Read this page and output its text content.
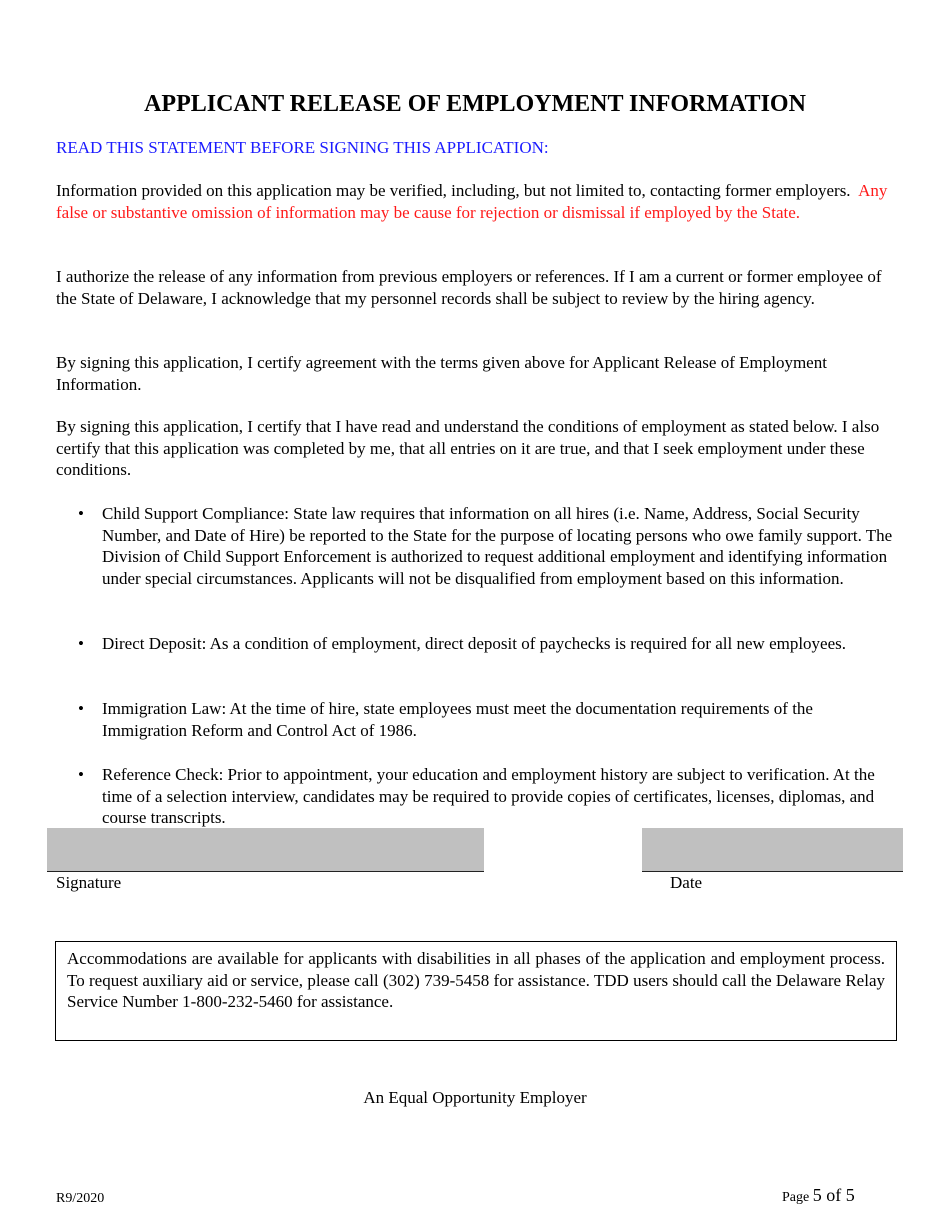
APPLICANT RELEASE OF EMPLOYMENT INFORMATION
READ THIS STATEMENT BEFORE SIGNING THIS APPLICATION:
Information provided on this application may be verified, including, but not limited to, contacting former employers. Any false or substantive omission of information may be cause for rejection or dismissal if employed by the State.
I authorize the release of any information from previous employers or references. If I am a current or former employee of the State of Delaware, I acknowledge that my personnel records shall be subject to review by the hiring agency.
By signing this application, I certify agreement with the terms given above for Applicant Release of Employment Information.
By signing this application, I certify that I have read and understand the conditions of employment as stated below. I also certify that this application was completed by me, that all entries on it are true, and that I seek employment under these conditions.
•	Child Support Compliance: State law requires that information on all hires (i.e. Name, Address, Social Security Number, and Date of Hire) be reported to the State for the purpose of locating persons who owe family support. The Division of Child Support Enforcement is authorized to request additional employment and identifying information under special circumstances. Applicants will not be disqualified from employment based on this information.
•	Direct Deposit: As a condition of employment, direct deposit of paychecks is required for all new employees.
•	Immigration Law: At the time of hire, state employees must meet the documentation requirements of the Immigration Reform and Control Act of 1986.
•	Reference Check: Prior to appointment, your education and employment history are subject to verification. At the time of a selection interview, candidates may be required to provide copies of certificates, licenses, diplomas, and course transcripts.
Signature	Date
Accommodations are available for applicants with disabilities in all phases of the application and employment process. To request auxiliary aid or service, please call (302) 739-5458 for assistance. TDD users should call the Delaware Relay Service Number 1-800-232-5460 for assistance.
An Equal Opportunity Employer
R9/2020	Page 5 of 5
